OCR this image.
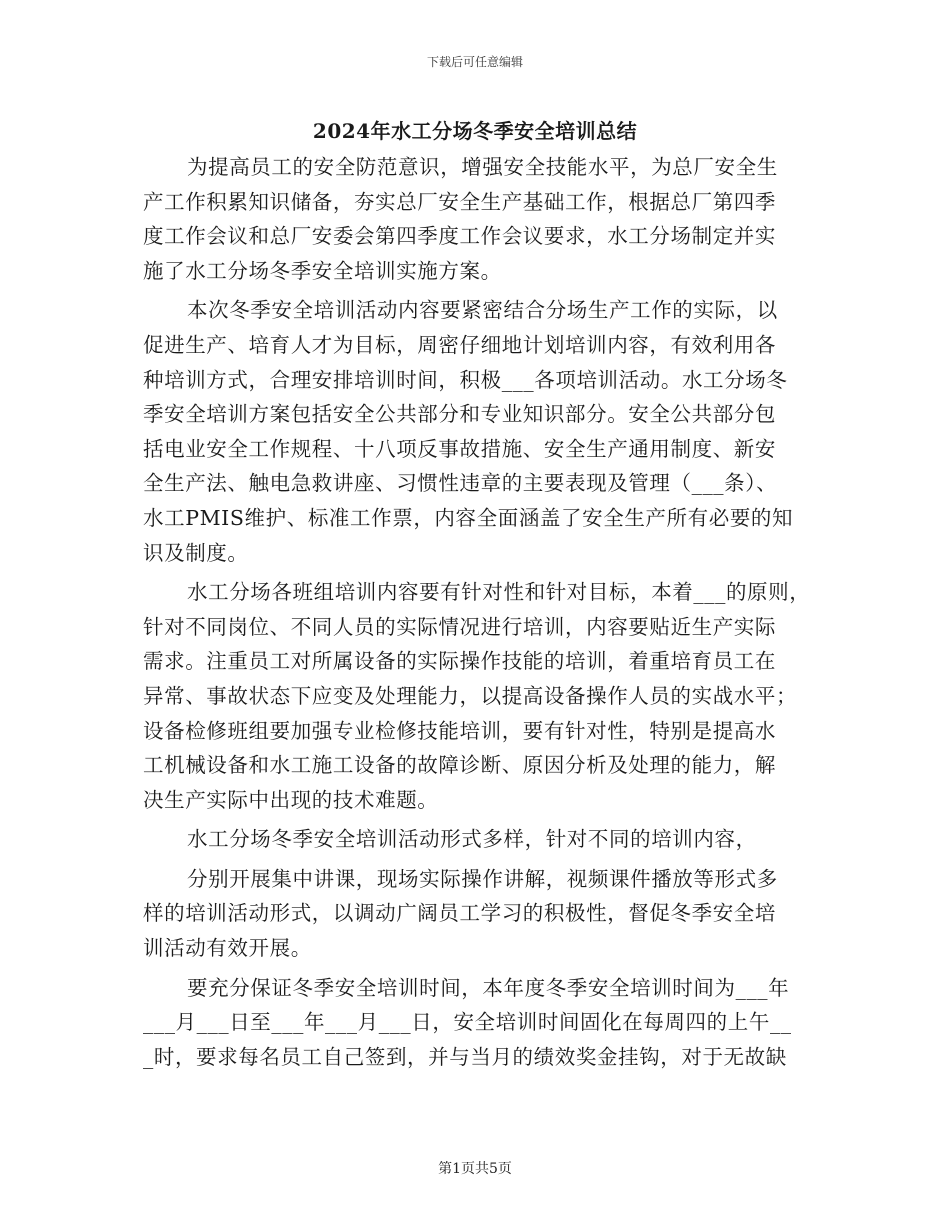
下载后可任意编辑
2024年水工分场冬季安全培训总结
为提高员工的安全防范意识，增强安全技能水平，为总厂安全生
产工作积累知识储备，夯实总厂安全生产基础工作，根据总厂第四季
度工作会议和总厂安委会第四季度工作会议要求，水工分场制定并实
施了水工分场冬季安全培训实施方案。
本次冬季安全培训活动内容要紧密结合分场生产工作的实际，以
促进生产、培育人才为目标，周密仔细地计划培训内容，有效利用各
种培训方式，合理安排培训时间，积极___各项培训活动。水工分场冬
季安全培训方案包括安全公共部分和专业知识部分。安全公共部分包
括电业安全工作规程、十八项反事故措施、安全生产通用制度、新安
全生产法、触电急救讲座、习惯性违章的主要表现及管理（___条）、
水工PMIS维护、标准工作票，内容全面涵盖了安全生产所有必要的知
识及制度。
水工分场各班组培训内容要有针对性和针对目标，本着___的原则，
针对不同岗位、不同人员的实际情况进行培训，内容要贴近生产实际
需求。注重员工对所属设备的实际操作技能的培训，着重培育员工在
异常、事故状态下应变及处理能力，以提高设备操作人员的实战水平；
设备检修班组要加强专业检修技能培训，要有针对性，特别是提高水
工机械设备和水工施工设备的故障诊断、原因分析及处理的能力，解
决生产实际中出现的技术难题。
水工分场冬季安全培训活动形式多样，针对不同的培训内容，
分别开展集中讲课，现场实际操作讲解，视频课件播放等形式多
样的培训活动形式，以调动广阔员工学习的积极性，督促冬季安全培
训活动有效开展。
要充分保证冬季安全培训时间，本年度冬季安全培训时间为___年
___月___日至___年___月___日，安全培训时间固化在每周四的上午__
_时，要求每名员工自己签到，并与当月的绩效奖金挂钩，对于无故缺
第1页共5页
